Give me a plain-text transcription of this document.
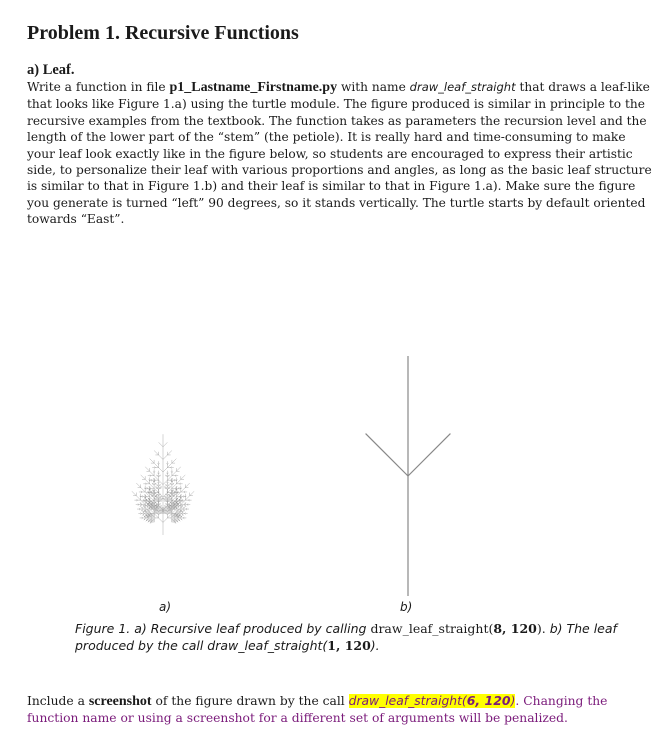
Problem 1. Recursive Functions
a) Leaf.

Write a function in file p1_Lastname_Firstname.py with name draw_leaf_straight that draws a leaf-like that looks like Figure 1.a) using the turtle module. The figure produced is similar in principle to the recursive examples from the textbook. The function takes as parameters the recursion level and the length of the lower part of the “stem” (the petiole). It is really hard and time-consuming to make your leaf look exactly like in the figure below, so students are encouraged to express their artistic side, to personalize their leaf with various proportions and angles, as long as the basic leaf structure is similar to that in Figure 1.b) and their leaf is similar to that in Figure 1.a). Make sure the figure you generate is turned “left” 90 degrees, so it stands vertically. The turtle starts by default oriented towards “East”.

a)	b)

Figure 1. a) Recursive leaf produced by calling draw_leaf_straight(8, 120). b) The leaf produced by the call draw_leaf_straight(1, 120).

Include a screenshot of the figure drawn by the call draw_leaf_straight(6, 120). Changing the function name or using a screenshot for a different set of arguments will be penalized.
